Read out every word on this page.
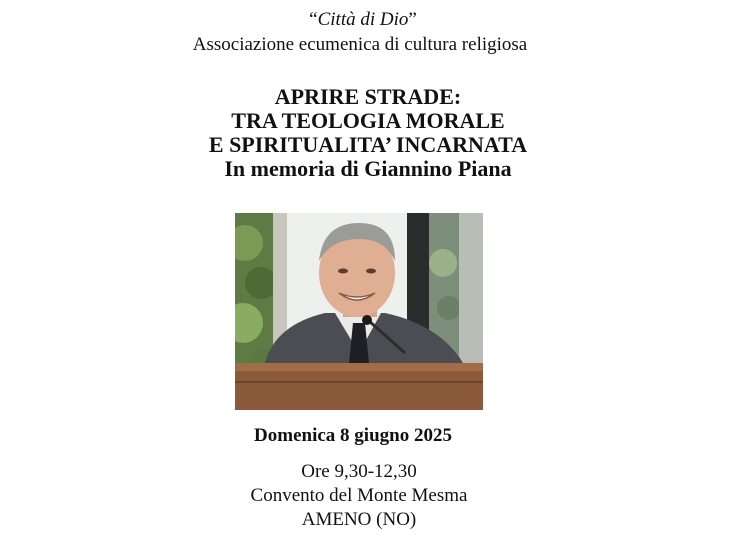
“Città di Dio”
Associazione ecumenica di cultura religiosa
APRIRE STRADE:
TRA TEOLOGIA MORALE
E SPIRITUALITA’ INCARNATA
In memoria di Giannino Piana
Domenica 8 giugno 2025
Ore 9,30-12,30
Convento del Monte Mesma
AMENO (NO)
